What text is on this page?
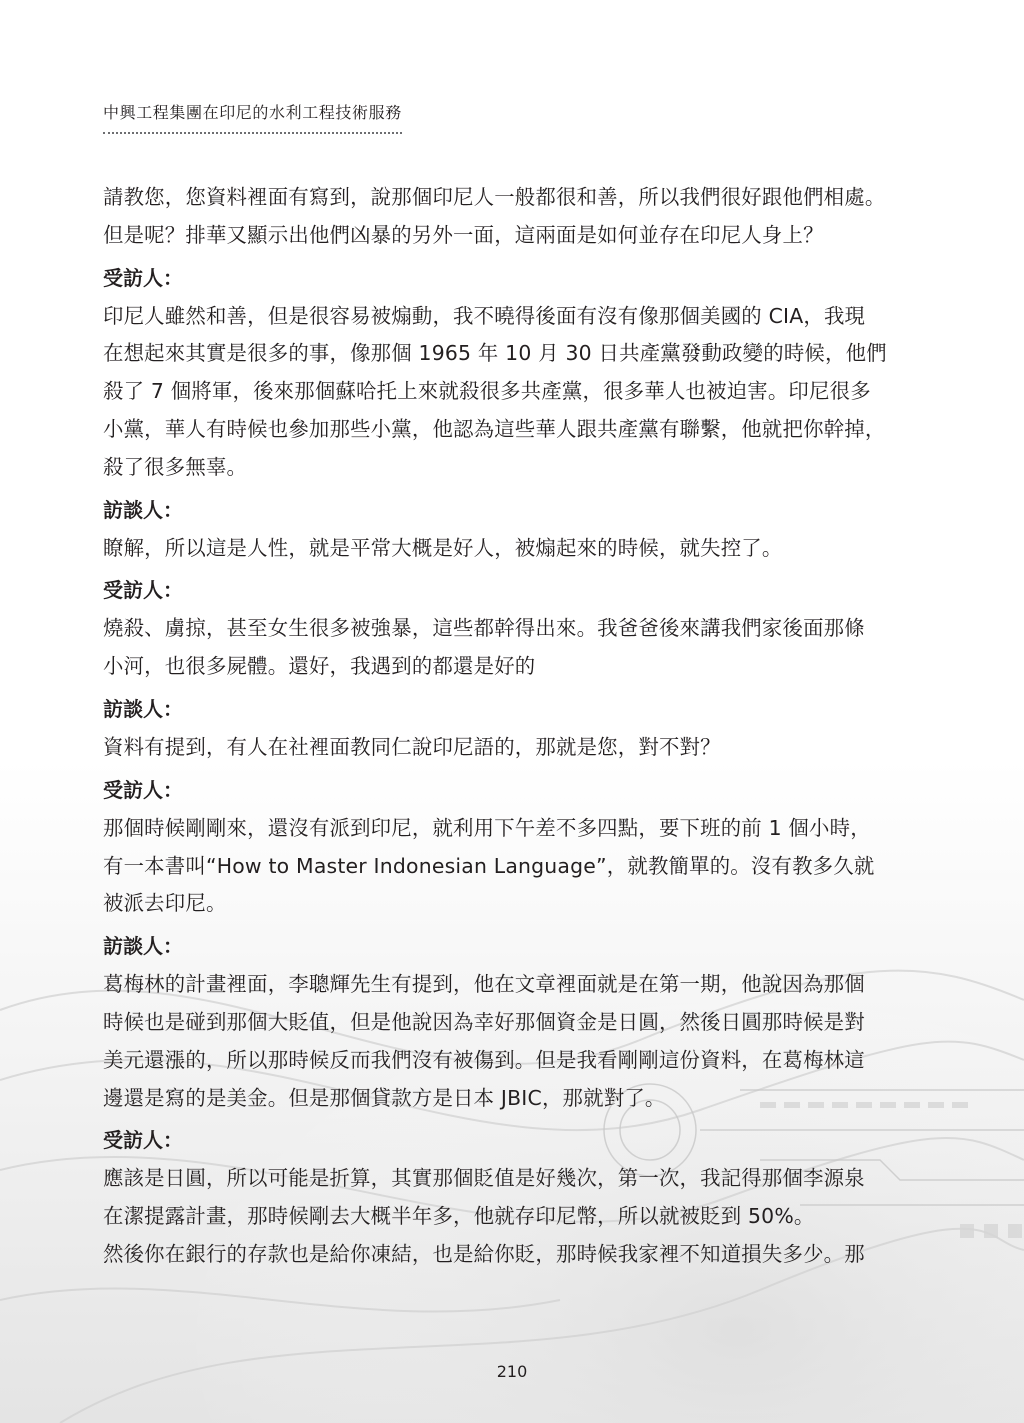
中興工程集團在印尼的水利工程技術服務
請教您，您資料裡面有寫到，說那個印尼人一般都很和善，所以我們很好跟他們相處。
但是呢？排華又顯示出他們凶暴的另外一面，這兩面是如何並存在印尼人身上？
受訪人：
印尼人雖然和善，但是很容易被煽動，我不曉得後面有沒有像那個美國的 CIA，我現
在想起來其實是很多的事，像那個 1965 年 10 月 30 日共產黨發動政變的時候，他們
殺了 7 個將軍，後來那個蘇哈托上來就殺很多共產黨，很多華人也被迫害。印尼很多
小黨，華人有時候也參加那些小黨，他認為這些華人跟共產黨有聯繫，他就把你幹掉，
殺了很多無辜。
訪談人：
瞭解，所以這是人性，就是平常大概是好人，被煽起來的時候，就失控了。
受訪人：
燒殺、虜掠，甚至女生很多被強暴，這些都幹得出來。我爸爸後來講我們家後面那條
小河，也很多屍體。還好，我遇到的都還是好的
訪談人：
資料有提到，有人在社裡面教同仁說印尼語的，那就是您，對不對？
受訪人：
那個時候剛剛來，還沒有派到印尼，就利用下午差不多四點，要下班的前 1 個小時，
有一本書叫“How to Master Indonesian Language”，就教簡單的。沒有教多久就
被派去印尼。
訪談人：
葛梅林的計畫裡面，李聰輝先生有提到，他在文章裡面就是在第一期，他說因為那個
時候也是碰到那個大貶值，但是他說因為幸好那個資金是日圓，然後日圓那時候是對
美元還漲的，所以那時候反而我們沒有被傷到。但是我看剛剛這份資料，在葛梅林這
邊還是寫的是美金。但是那個貸款方是日本 JBIC，那就對了。
受訪人：
應該是日圓，所以可能是折算，其實那個貶值是好幾次，第一次，我記得那個李源泉
在潔提露計畫，那時候剛去大概半年多，他就存印尼幣，所以就被貶到 50%。
然後你在銀行的存款也是給你凍結，也是給你貶，那時候我家裡不知道損失多少。那
210
